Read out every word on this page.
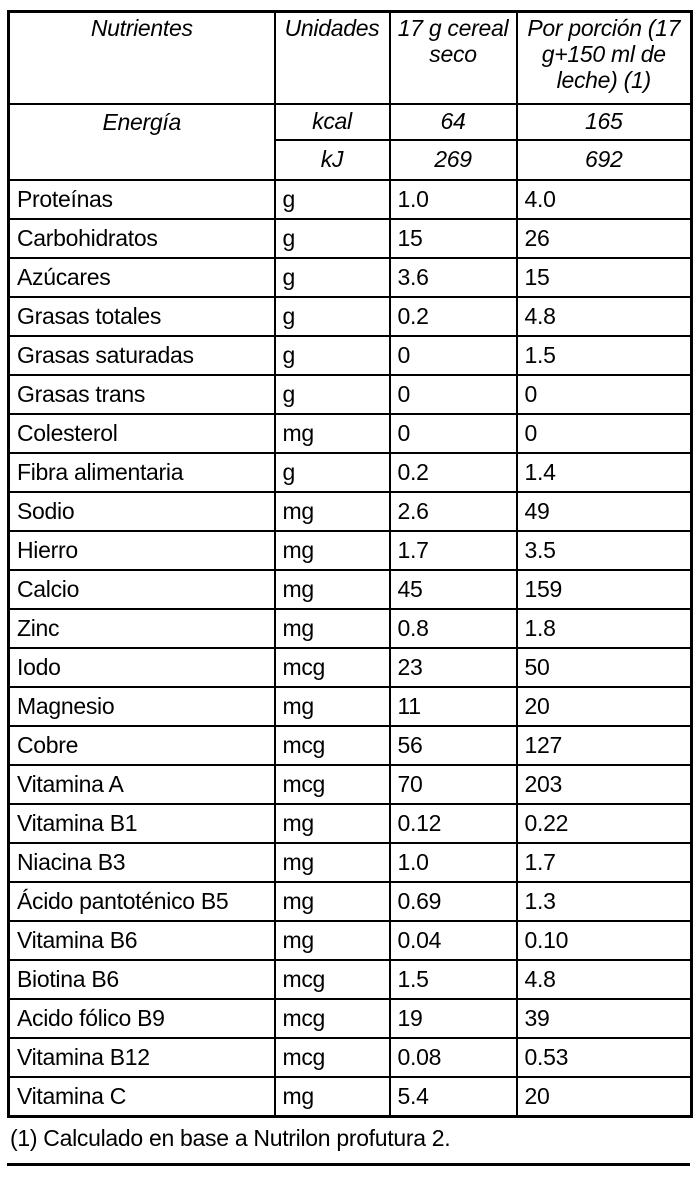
Nutrientes	Unidades	17 g cereal seco	Por porción (17 g+150 ml de leche) (1)
Energía	kcal	64	165
	kJ	269	692
Proteínas	g	1.0	4.0
Carbohidratos	g	15	26
Azúcares	g	3.6	15
Grasas totales	g	0.2	4.8
Grasas saturadas	g	0	1.5
Grasas trans	g	0	0
Colesterol	mg	0	0
Fibra alimentaria	g	0.2	1.4
Sodio	mg	2.6	49
Hierro	mg	1.7	3.5
Calcio	mg	45	159
Zinc	mg	0.8	1.8
Iodo	mcg	23	50
Magnesio	mg	11	20
Cobre	mcg	56	127
Vitamina A	mcg	70	203
Vitamina B1	mg	0.12	0.22
Niacina B3	mg	1.0	1.7
Ácido pantoténico B5	mg	0.69	1.3
Vitamina B6	mg	0.04	0.10
Biotina B6	mcg	1.5	4.8
Acido fólico B9	mcg	19	39
Vitamina B12	mcg	0.08	0.53
Vitamina C	mg	5.4	20
(1) Calculado en base a Nutrilon profutura 2.
